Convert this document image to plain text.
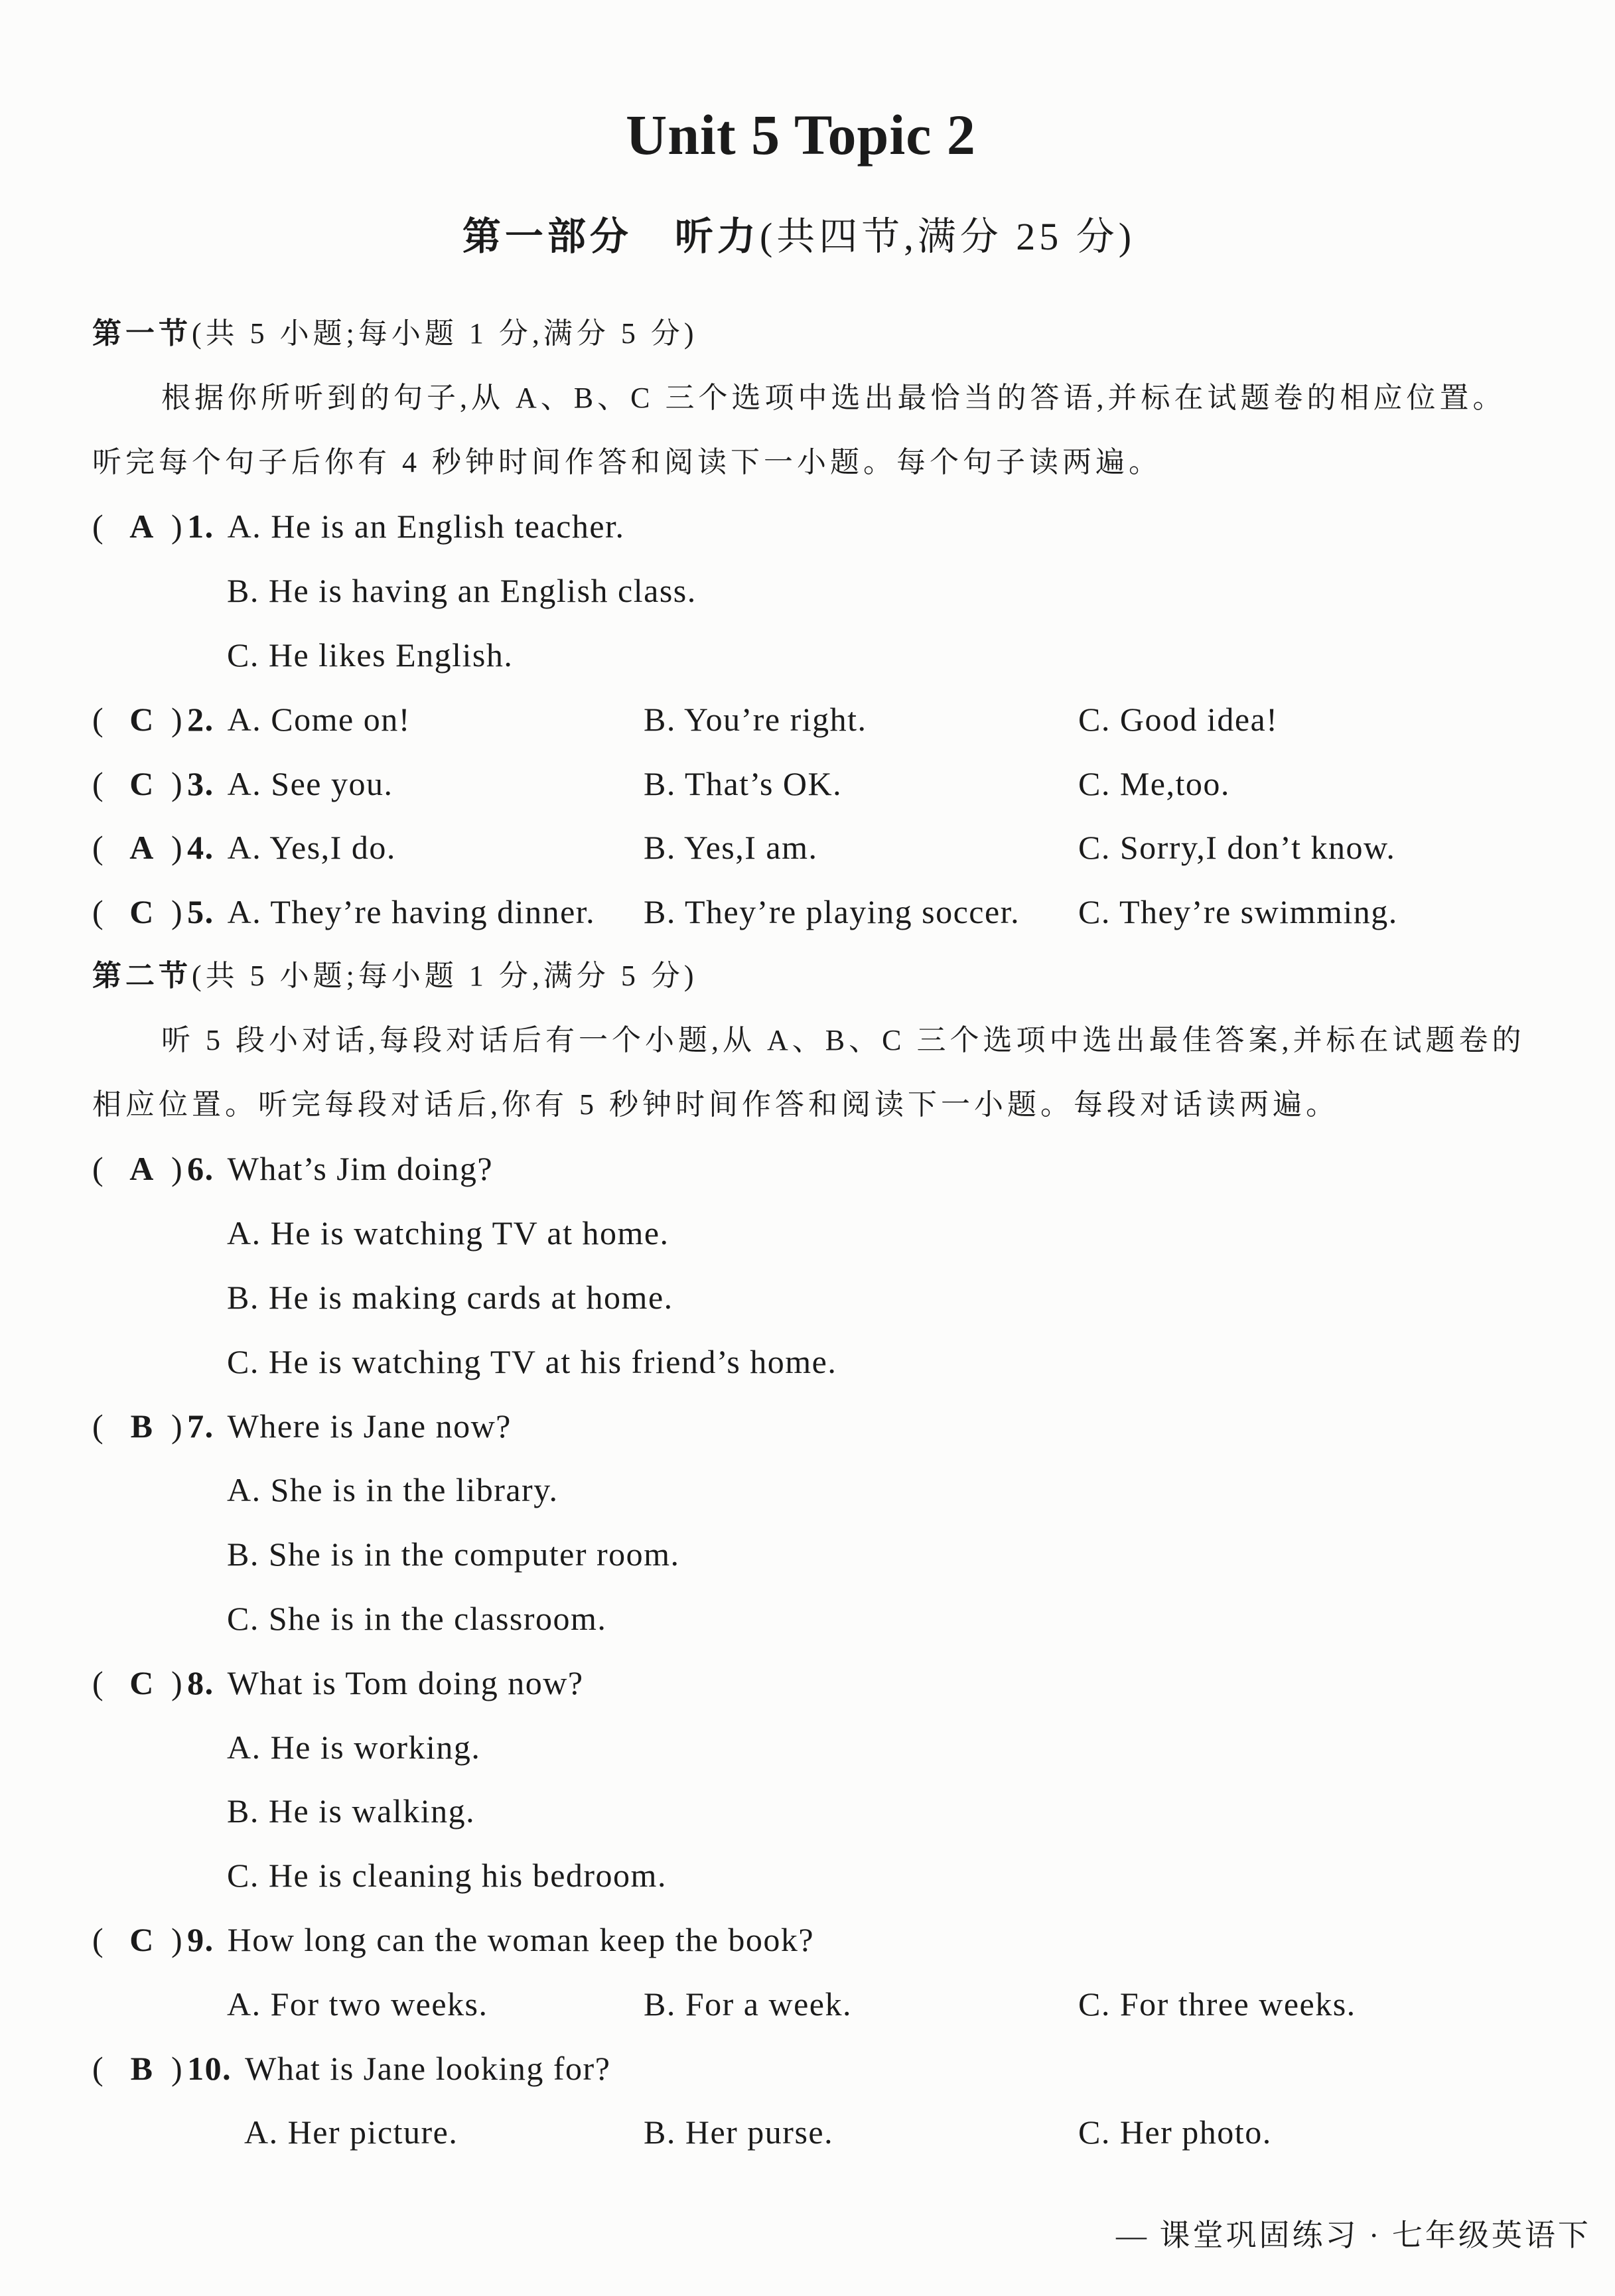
Unit 5 Topic 2
第一部分 听力(共四节,满分 25 分)
第一节(共 5 小题;每小题 1 分,满分 5 分)
根据你所听到的句子,从 A、B、C 三个选项中选出最恰当的答语,并标在试题卷的相应位置。
听完每个句子后你有 4 秒钟时间作答和阅读下一小题。每个句子读两遍。
( A ) 1. A. He is an English teacher.
B. He is having an English class.
C. He likes English.
( C ) 2. A. Come on!	B. You’re right.	C. Good idea!
( C ) 3. A. See you.	B. That’s OK.	C. Me,too.
( A ) 4. A. Yes,I do.	B. Yes,I am.	C. Sorry,I don’t know.
( C ) 5. A. They’re having dinner. B. They’re playing soccer. C. They’re swimming.
第二节(共 5 小题;每小题 1 分,满分 5 分)
听 5 段小对话,每段对话后有一个小题,从 A、B、C 三个选项中选出最佳答案,并标在试题卷的
相应位置。听完每段对话后,你有 5 秒钟时间作答和阅读下一小题。每段对话读两遍。
( A ) 6. What’s Jim doing?
A. He is watching TV at home.
B. He is making cards at home.
C. He is watching TV at his friend’s home.
( B ) 7. Where is Jane now?
A. She is in the library.
B. She is in the computer room.
C. She is in the classroom.
( C ) 8. What is Tom doing now?
A. He is working.
B. He is walking.
C. He is cleaning his bedroom.
( C ) 9. How long can the woman keep the book?
A. For two weeks.	B. For a week.	C. For three weeks.
( B ) 10. What is Jane looking for?
A. Her picture.	B. Her purse.	C. Her photo.
— 课堂巩固练习 · 七年级英语下
